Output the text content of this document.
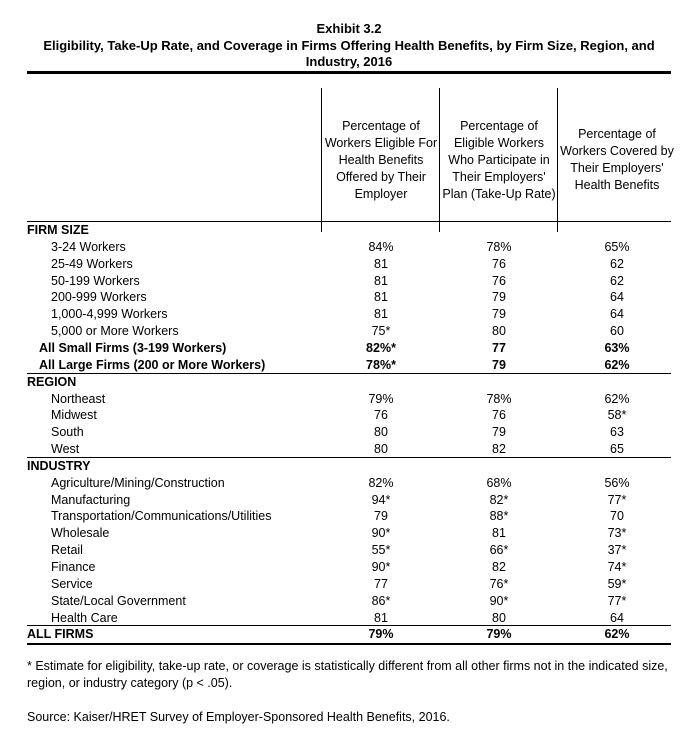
Exhibit 3.2
Eligibility, Take-Up Rate, and Coverage in Firms Offering Health Benefits, by Firm Size, Region, and Industry, 2016
Percentage of Workers Eligible For Health Benefits Offered by Their Employer
Percentage of Eligible Workers Who Participate in Their Employers' Plan (Take-Up Rate)
Percentage of Workers Covered by Their Employers' Health Benefits
FIRM SIZE
3-24 Workers	84%	78%	65%
25-49 Workers	81	76	62
50-199 Workers	81	76	62
200-999 Workers	81	79	64
1,000-4,999 Workers	81	79	64
5,000 or More Workers	75*	80	60
All Small Firms (3-199 Workers)	82%*	77	63%
All Large Firms (200 or More Workers)	78%*	79	62%
REGION
Northeast	79%	78%	62%
Midwest	76	76	58*
South	80	79	63
West	80	82	65
INDUSTRY
Agriculture/Mining/Construction	82%	68%	56%
Manufacturing	94*	82*	77*
Transportation/Communications/Utilities	79	88*	70
Wholesale	90*	81	73*
Retail	55*	66*	37*
Finance	90*	82	74*
Service	77	76*	59*
State/Local Government	86*	90*	77*
Health Care	81	80	64
ALL FIRMS	79%	79%	62%
* Estimate for eligibility, take-up rate, or coverage is statistically different from all other firms not in the indicated size, region, or industry category (p < .05).
Source: Kaiser/HRET Survey of Employer-Sponsored Health Benefits, 2016.
